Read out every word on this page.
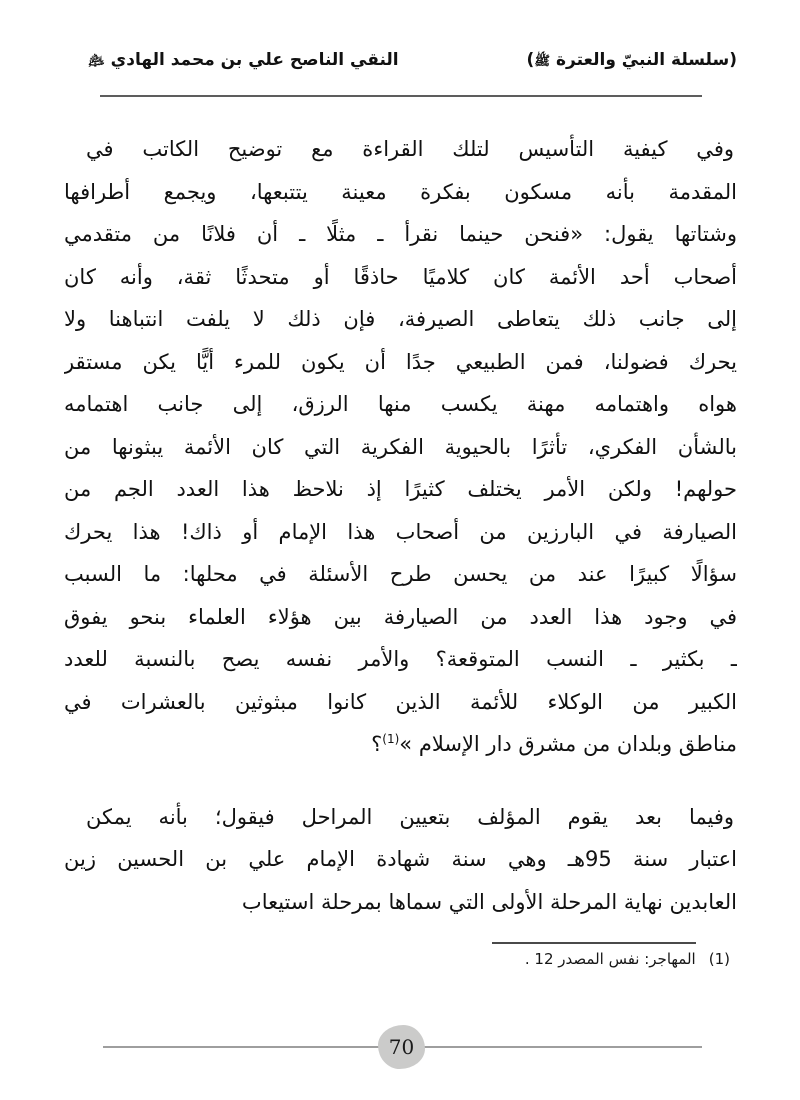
(سلسلة النبيّ والعترة ﷺ)
النقي الناصح علي بن محمد الهادي ﵇
وفي كيفية التأسيس لتلك القراءة مع توضيح الكاتب في
المقدمة بأنه مسكون بفكرة معينة يتتبعها، ويجمع أطرافها
وشتاتها يقول: «فنحن حينما نقرأ ـ مثلًا ـ أن فلانًا من متقدمي
أصحاب أحد الأئمة كان كلاميًا حاذقًا أو متحدثًا ثقة، وأنه كان
إلى جانب ذلك يتعاطى الصيرفة، فإن ذلك لا يلفت انتباهنا ولا
يحرك فضولنا، فمن الطبيعي جدًا أن يكون للمرء أيًّا يكن مستقر
هواه واهتمامه مهنة يكسب منها الرزق، إلى جانب اهتمامه
بالشأن الفكري، تأثرًا بالحيوية الفكرية التي كان الأئمة يبثونها من
حولهم! ولكن الأمر يختلف كثيرًا إذ نلاحظ هذا العدد الجم من
الصيارفة في البارزين من أصحاب هذا الإمام أو ذاك! هذا يحرك
سؤالًا كبيرًا عند من يحسن طرح الأسئلة في محلها: ما السبب
في وجود هذا العدد من الصيارفة بين هؤلاء العلماء بنحو يفوق
ـ بكثير ـ النسب المتوقعة؟ والأمر نفسه يصح بالنسبة للعدد
الكبير من الوكلاء للأئمة الذين كانوا مبثوثين بالعشرات في
مناطق وبلدان من مشرق دار الإسلام »$^{(1)}$؟
وفيما بعد يقوم المؤلف بتعيين المراحل فيقول؛ بأنه يمكن
اعتبار سنة 95هـ وهي سنة شهادة الإمام علي بن الحسين زين
العابدين نهاية المرحلة الأولى التي سماها بمرحلة استيعاب
(1)
المهاجر: نفس المصدر 12 .
70
